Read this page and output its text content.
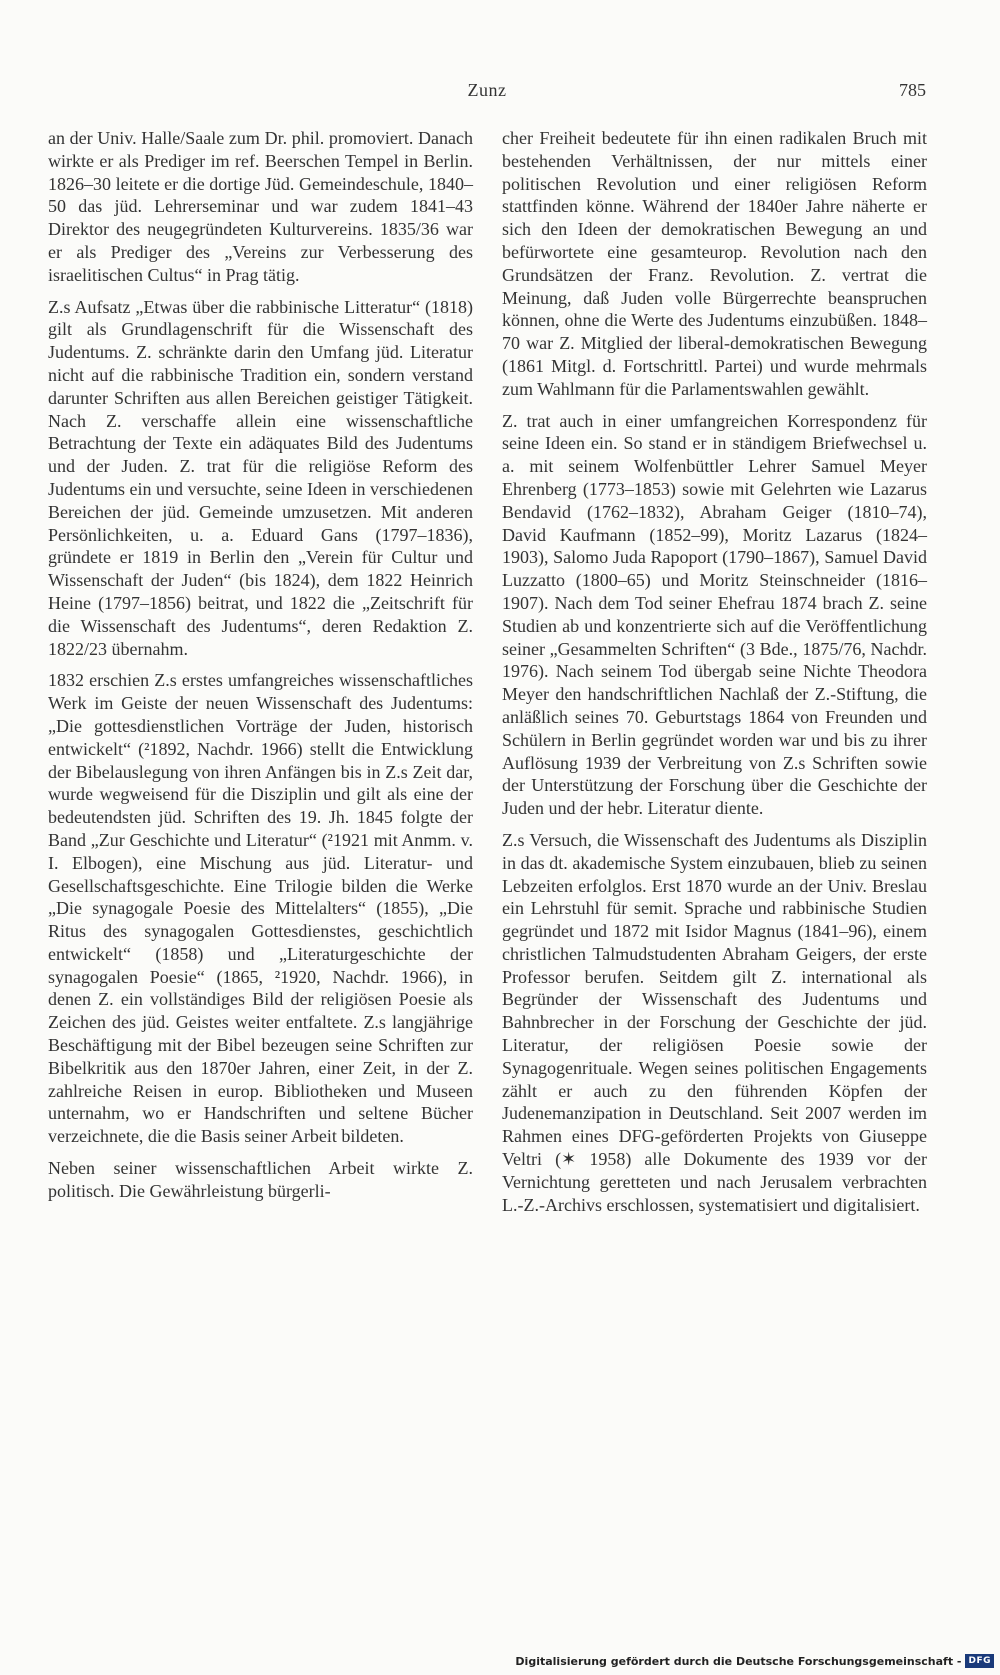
Zunz	785

an der Univ. Halle/Saale zum Dr. phil. promoviert. Danach wirkte er als Prediger im ref. Beerschen Tempel in Berlin. 1826–30 leitete er die dortige Jüd. Gemeindeschule, 1840–50 das jüd. Lehrerseminar und war zudem 1841–43 Direktor des neugegründeten Kulturvereins. 1835/36 war er als Prediger des „Vereins zur Verbesserung des israelitischen Cultus“ in Prag tätig.

Z.s Aufsatz „Etwas über die rabbinische Litteratur“ (1818) gilt als Grundlagenschrift für die Wissenschaft des Judentums. Z. schränkte darin den Umfang jüd. Literatur nicht auf die rabbinische Tradition ein, sondern verstand darunter Schriften aus allen Bereichen geistiger Tätigkeit. Nach Z. verschaffe allein eine wissenschaftliche Betrachtung der Texte ein adäquates Bild des Judentums und der Juden. Z. trat für die religiöse Reform des Judentums ein und versuchte, seine Ideen in verschiedenen Bereichen der jüd. Gemeinde umzusetzen. Mit anderen Persönlichkeiten, u. a. Eduard Gans (1797–1836), gründete er 1819 in Berlin den „Verein für Cultur und Wissenschaft der Juden“ (bis 1824), dem 1822 Heinrich Heine (1797–1856) beitrat, und 1822 die „Zeitschrift für die Wissenschaft des Judentums“, deren Redaktion Z. 1822/23 übernahm.

1832 erschien Z.s erstes umfangreiches wissenschaftliches Werk im Geiste der neuen Wissenschaft des Judentums: „Die gottesdienstlichen Vorträge der Juden, historisch entwickelt“ (²1892, Nachdr. 1966) stellt die Entwicklung der Bibelauslegung von ihren Anfängen bis in Z.s Zeit dar, wurde wegweisend für die Disziplin und gilt als eine der bedeutendsten jüd. Schriften des 19. Jh. 1845 folgte der Band „Zur Geschichte und Literatur“ (²1921 mit Anmm. v. I. Elbogen), eine Mischung aus jüd. Literatur- und Gesellschaftsgeschichte. Eine Trilogie bilden die Werke „Die synagogale Poesie des Mittelalters“ (1855), „Die Ritus des synagogalen Gottesdienstes, geschichtlich entwickelt“ (1858) und „Literaturgeschichte der synagogalen Poesie“ (1865, ²1920, Nachdr. 1966), in denen Z. ein vollständiges Bild der religiösen Poesie als Zeichen des jüd. Geistes weiter entfaltete. Z.s langjährige Beschäftigung mit der Bibel bezeugen seine Schriften zur Bibelkritik aus den 1870er Jahren, einer Zeit, in der Z. zahlreiche Reisen in europ. Bibliotheken und Museen unternahm, wo er Handschriften und seltene Bücher verzeichnete, die die Basis seiner Arbeit bildeten.

Neben seiner wissenschaftlichen Arbeit wirkte Z. politisch. Die Gewährleistung bürgerli-

cher Freiheit bedeutete für ihn einen radikalen Bruch mit bestehenden Verhältnissen, der nur mittels einer politischen Revolution und einer religiösen Reform stattfinden könne. Während der 1840er Jahre näherte er sich den Ideen der demokratischen Bewegung an und befürwortete eine gesamteurop. Revolution nach den Grundsätzen der Franz. Revolution. Z. vertrat die Meinung, daß Juden volle Bürgerrechte beanspruchen können, ohne die Werte des Judentums einzubüßen. 1848–70 war Z. Mitglied der liberal-demokratischen Bewegung (1861 Mitgl. d. Fortschrittl. Partei) und wurde mehrmals zum Wahlmann für die Parlamentswahlen gewählt.

Z. trat auch in einer umfangreichen Korrespondenz für seine Ideen ein. So stand er in ständigem Briefwechsel u. a. mit seinem Wolfenbüttler Lehrer Samuel Meyer Ehrenberg (1773–1853) sowie mit Gelehrten wie Lazarus Bendavid (1762–1832), Abraham Geiger (1810–74), David Kaufmann (1852–99), Moritz Lazarus (1824–1903), Salomo Juda Rapoport (1790–1867), Samuel David Luzzatto (1800–65) und Moritz Steinschneider (1816–1907). Nach dem Tod seiner Ehefrau 1874 brach Z. seine Studien ab und konzentrierte sich auf die Veröffentlichung seiner „Gesammelten Schriften“ (3 Bde., 1875/76, Nachdr. 1976). Nach seinem Tod übergab seine Nichte Theodora Meyer den handschriftlichen Nachlaß der Z.-Stiftung, die anläßlich seines 70. Geburtstags 1864 von Freunden und Schülern in Berlin gegründet worden war und bis zu ihrer Auflösung 1939 der Verbreitung von Z.s Schriften sowie der Unterstützung der Forschung über die Geschichte der Juden und der hebr. Literatur diente.

Z.s Versuch, die Wissenschaft des Judentums als Disziplin in das dt. akademische System einzubauen, blieb zu seinen Lebzeiten erfolglos. Erst 1870 wurde an der Univ. Breslau ein Lehrstuhl für semit. Sprache und rabbinische Studien gegründet und 1872 mit Isidor Magnus (1841–96), einem christlichen Talmudstudenten Abraham Geigers, der erste Professor berufen. Seitdem gilt Z. international als Begründer der Wissenschaft des Judentums und Bahnbrecher in der Forschung der Geschichte der jüd. Literatur, der religiösen Poesie sowie der Synagogenrituale. Wegen seines politischen Engagements zählt er auch zu den führenden Köpfen der Judenemanzipation in Deutschland. Seit 2007 werden im Rahmen eines DFG-geförderten Projekts von Giuseppe Veltri (✶ 1958) alle Dokumente des 1939 vor der Vernichtung geretteten und nach Jerusalem verbrachten L.-Z.-Archivs erschlossen, systematisiert und digitalisiert.

Digitalisierung gefördert durch die Deutsche Forschungsgemeinschaft - DFG
